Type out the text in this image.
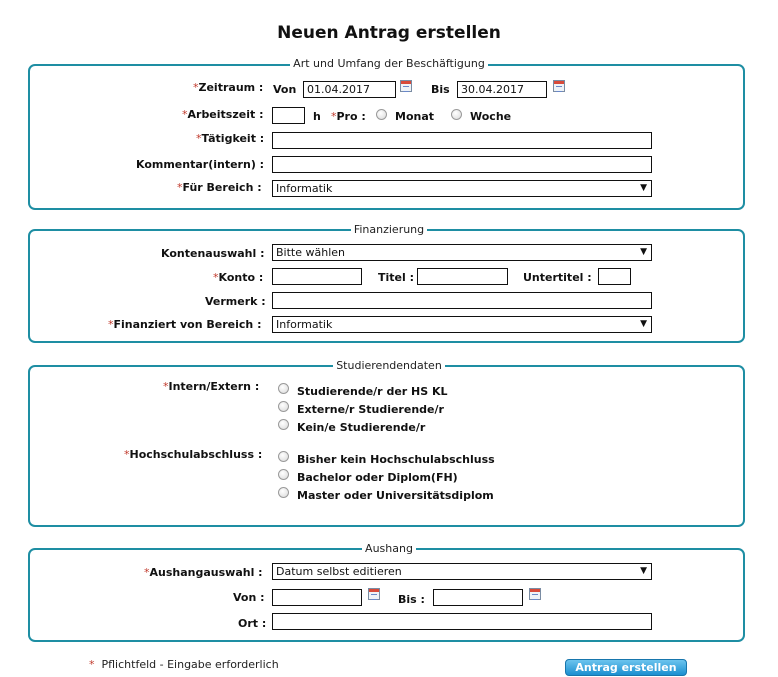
Neuen Antrag erstellen
Art und Umfang der Beschäftigung
*Zeitraum : Von 01.04.2017	Bis	30.04.2017
*Arbeitszeit :	h *Pro :	Monat	Woche
*Tätigkeit :
Kommentar(intern) :
*Für Bereich :	Informatik	▼
Finanzierung
Kontenauswahl :	Bitte wählen	▼
*Konto :	Titel :	Untertitel :
Vermerk :
*Finanziert von Bereich :	Informatik	▼
Studierendendaten
*Intern/Extern :	Studierende/r der HS KL
Externe/r Studierende/r
Kein/e Studierende/r
*Hochschulabschluss :	Bisher kein Hochschulabschluss
Bachelor oder Diplom(FH)
Master oder Universitätsdiplom
Aushang
*Aushangauswahl :	Datum selbst editieren	▼
Von :	Bis :
Ort :
* Pflichtfeld - Eingabe erforderlich	Antrag erstellen
